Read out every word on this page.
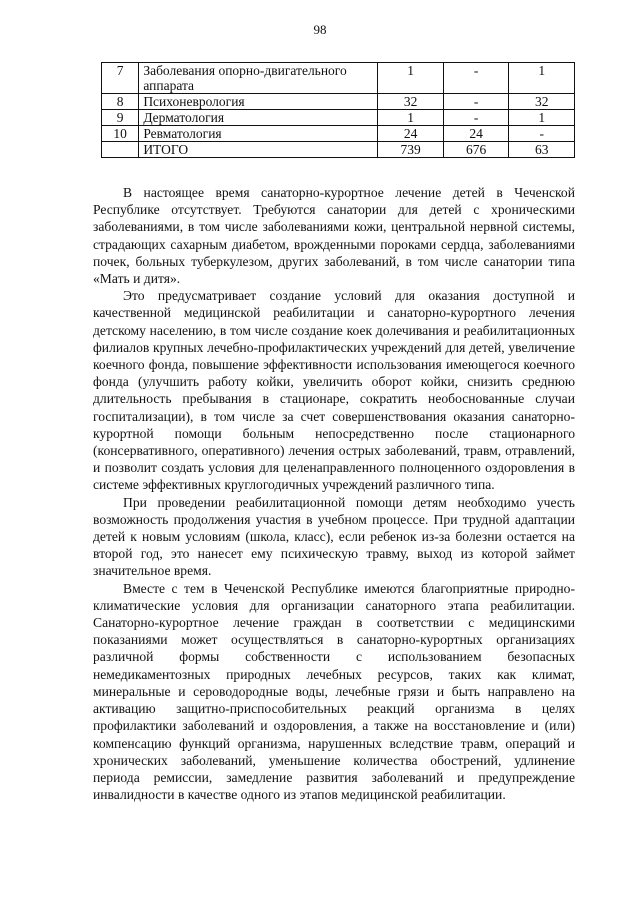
98
7	Заболевания опорно-двигательного аппарата	1	-	1
8	Психоневрология	32	-	32
9	Дерматология	1	-	1
10	Ревматология	24	24	-
	ИТОГО	739	676	63

В настоящее время санаторно-курортное лечение детей в Чеченской Республике отсутствует. Требуются санатории для детей с хроническими заболеваниями, в том числе заболеваниями кожи, центральной нервной системы, страдающих сахарным диабетом, врожденными пороками сердца, заболеваниями почек, больных туберкулезом, других заболеваний, в том числе санатории типа «Мать и дитя».

Это предусматривает создание условий для оказания доступной и качественной медицинской реабилитации и санаторно-курортного лечения детскому населению, в том числе создание коек долечивания и реабилитационных филиалов крупных лечебно-профилактических учреждений для детей, увеличение коечного фонда, повышение эффективности использования имеющегося коечного фонда (улучшить работу койки, увеличить оборот койки, снизить среднюю длительность пребывания в стационаре, сократить необоснованные случаи госпитализации), в том числе за счет совершенствования оказания санаторно-курортной помощи больным непосредственно после стационарного (консервативного, оперативного) лечения острых заболеваний, травм, отравлений, и позволит создать условия для целенаправленного полноценного оздоровления в системе эффективных круглогодичных учреждений различного типа.

При проведении реабилитационной помощи детям необходимо учесть возможность продолжения участия в учебном процессе. При трудной адаптации детей к новым условиям (школа, класс), если ребенок из-за болезни остается на второй год, это нанесет ему психическую травму, выход из которой займет значительное время.

Вместе с тем в Чеченской Республике имеются благоприятные природно-климатические условия для организации санаторного этапа реабилитации. Санаторно-курортное лечение граждан в соответствии с медицинскими показаниями может осуществляться в санаторно-курортных организациях различной формы собственности с использованием безопасных немедикаментозных природных лечебных ресурсов, таких как климат, минеральные и сероводородные воды, лечебные грязи и быть направлено на активацию защитно-приспособительных реакций организма в целях профилактики заболеваний и оздоровления, а также на восстановление и (или) компенсацию функций организма, нарушенных вследствие травм, операций и хронических заболеваний, уменьшение количества обострений, удлинение периода ремиссии, замедление развития заболеваний и предупреждение инвалидности в качестве одного из этапов медицинской реабилитации.
